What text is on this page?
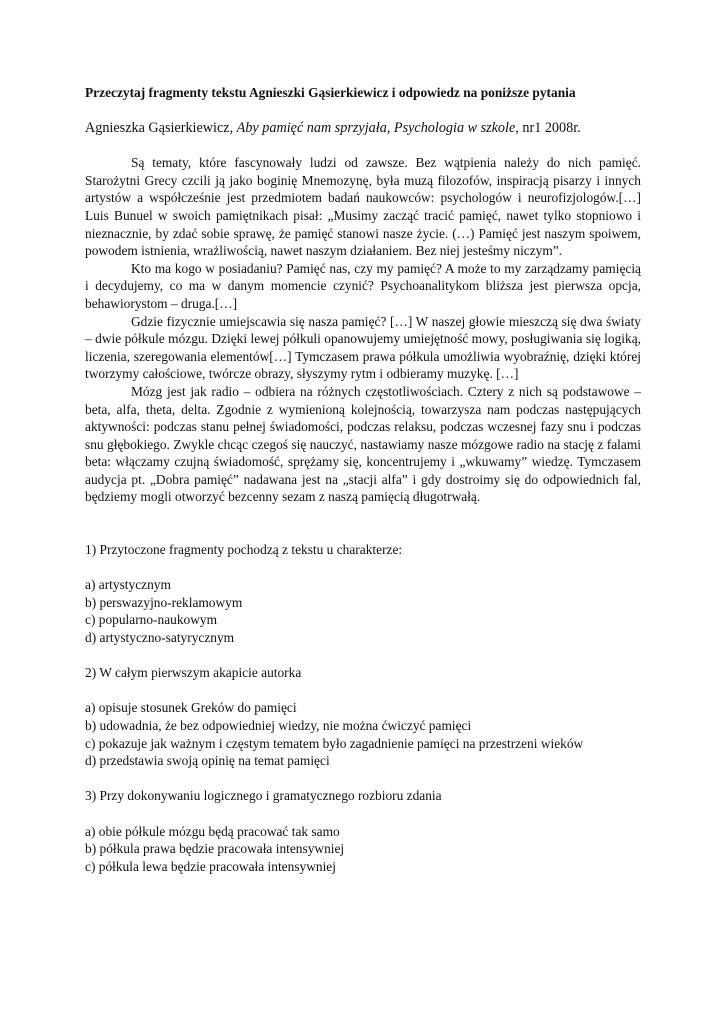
Przeczytaj fragmenty tekstu Agnieszki Gąsierkiewicz i odpowiedz na poniższe pytania
Agnieszka Gąsierkiewicz, Aby pamięć nam sprzyjała, Psychologia w szkole, nr1 2008r.

Są tematy, które fascynowały ludzi od zawsze. Bez wątpienia należy do nich pamięć. Starożytni Grecy czcili ją jako boginię Mnemozynę, była muzą filozofów, inspiracją pisarzy i innych artystów a współcześnie jest przedmiotem badań naukowców: psychologów i neurofizjologów.[…] Luis Bunuel w swoich pamiętnikach pisał: „Musimy zacząć tracić pamięć, nawet tylko stopniowo i nieznacznie, by zdać sobie sprawę, że pamięć stanowi nasze życie. (…) Pamięć jest naszym spoiwem, powodem istnienia, wrażliwością, nawet naszym działaniem. Bez niej jesteśmy niczym”.

Kto ma kogo w posiadaniu? Pamięć nas, czy my pamięć? A może to my zarządzamy pamięcią i decydujemy, co ma w danym momencie czynić? Psychoanalitykom bliższa jest pierwsza opcja, behawiorystom – druga.[…]

Gdzie fizycznie umiejscawia się nasza pamięć? […] W naszej głowie mieszczą się dwa światy – dwie półkule mózgu. Dzięki lewej półkuli opanowujemy umiejętność mowy, posługiwania się logiką, liczenia, szeregowania elementów[…] Tymczasem prawa półkula umożliwia wyobraźnię, dzięki której tworzymy całościowe, twórcze obrazy, słyszymy rytm i odbieramy muzykę. […]

Mózg jest jak radio – odbiera na różnych częstotliwościach. Cztery z nich są podstawowe – beta, alfa, theta, delta. Zgodnie z wymienioną kolejnością, towarzysza nam podczas następujących aktywności: podczas stanu pełnej świadomości, podczas relaksu, podczas wczesnej fazy snu i podczas snu głębokiego. Zwykle chcąc czegoś się nauczyć, nastawiamy nasze mózgowe radio na stację z falami beta: włączamy czujną świadomość, sprężamy się, koncentrujemy i „wkuwamy” wiedzę. Tymczasem audycja pt. „Dobra pamięć” nadawana jest na „stacji alfa” i gdy dostroimy się do odpowiednich fal, będziemy mogli otworzyć bezcenny sezam z naszą pamięcią długotrwałą.

1) Przytoczone fragmenty pochodzą z tekstu u charakterze:

a) artystycznym

b) perswazyjno-reklamowym

c) popularno-naukowym

d) artystyczno-satyrycznym

2) W całym pierwszym akapicie autorka

a) opisuje stosunek Greków do pamięci

b) udowadnia, że bez odpowiedniej wiedzy, nie można ćwiczyć pamięci

c) pokazuje jak ważnym i częstym tematem było zagadnienie pamięci na przestrzeni wieków

d) przedstawia swoją opinię na temat pamięci

3) Przy dokonywaniu logicznego i gramatycznego rozbioru zdania

a) obie półkule mózgu będą pracować tak samo

b) półkula prawa będzie pracowała intensywniej

c) półkula lewa będzie pracowała intensywniej
